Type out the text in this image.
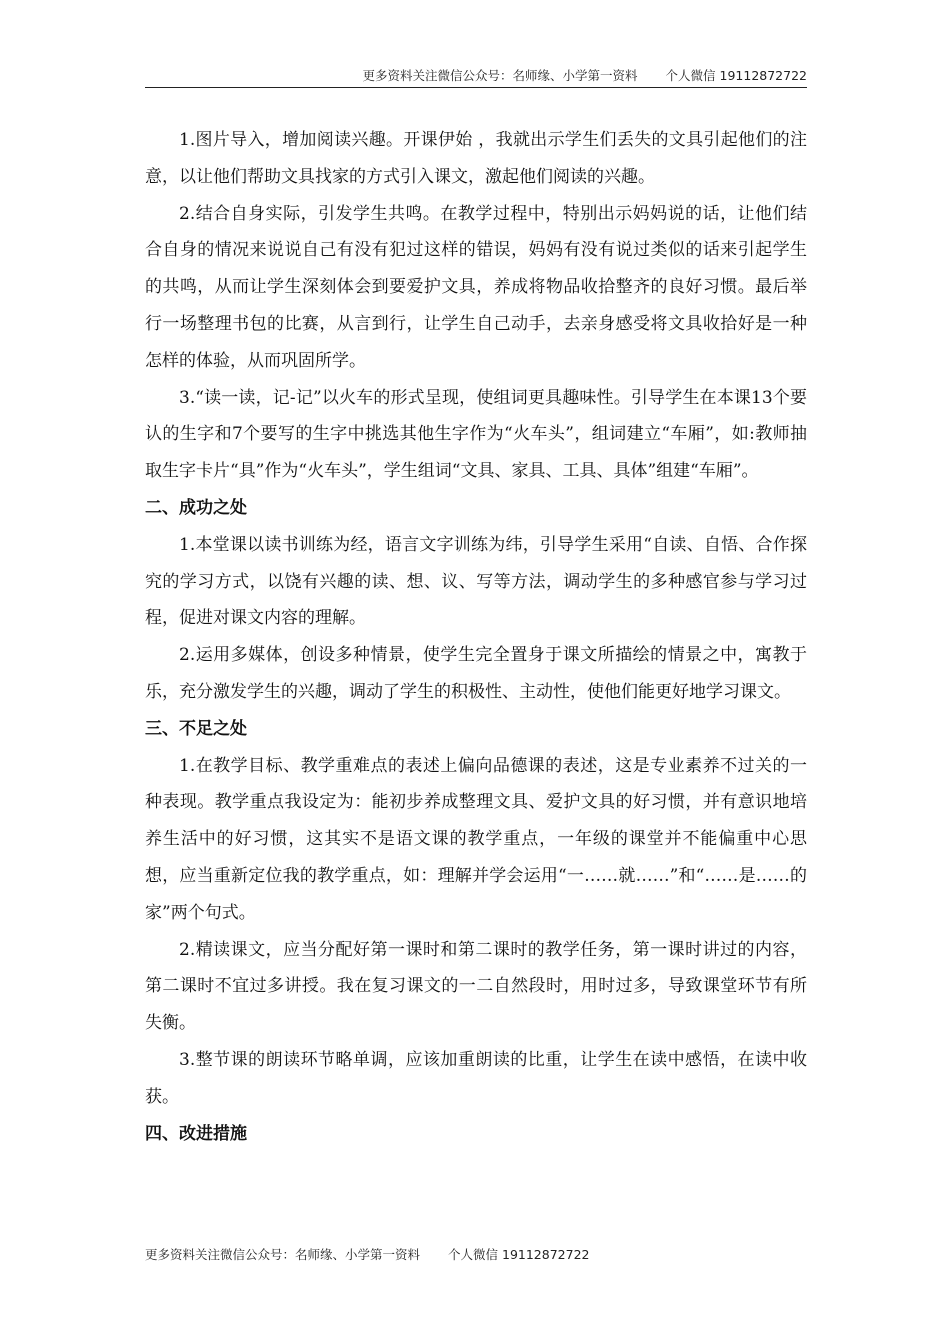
更多资料关注微信公众号：名师缘、小学第一资料 个人微信 19112872722

1.图片导入，增加阅读兴趣。开课伊始 ，我就出示学生们丢失的文具引起他们的注意，以让他们帮助文具找家的方式引入课文，激起他们阅读的兴趣。

2.结合自身实际，引发学生共鸣。在教学过程中，特别出示妈妈说的话，让他们结合自身的情况来说说自己有没有犯过这样的错误，妈妈有没有说过类似的话来引起学生的共鸣，从而让学生深刻体会到要爱护文具，养成将物品收拾整齐的良好习惯。最后举行一场整理书包的比赛，从言到行，让学生自己动手，去亲身感受将文具收拾好是一种怎样的体验，从而巩固所学。

3.“读一读，记-记”以火车的形式呈现，使组词更具趣味性。引导学生在本课13个要认的生字和7个要写的生字中挑选其他生字作为“火车头”，组词建立“车厢”，如:教师抽取生字卡片“具”作为“火车头”，学生组词“文具、家具、工具、具体”组建“车厢”。

二、成功之处

1.本堂课以读书训练为经，语言文字训练为纬，引导学生采用“自读、自悟、合作探究的学习方式，以饶有兴趣的读、想、议、写等方法，调动学生的多种感官参与学习过程，促进对课文内容的理解。

2.运用多媒体，创设多种情景，使学生完全置身于课文所描绘的情景之中，寓教于乐，充分激发学生的兴趣，调动了学生的积极性、主动性，使他们能更好地学习课文。

三、不足之处

1.在教学目标、教学重难点的表述上偏向品德课的表述，这是专业素养不过关的一种表现。教学重点我设定为：能初步养成整理文具、爱护文具的好习惯，并有意识地培养生活中的好习惯，这其实不是语文课的教学重点，一年级的课堂并不能偏重中心思想，应当重新定位我的教学重点，如：理解并学会运用“一……就……”和“……是……的家”两个句式。

2.精读课文，应当分配好第一课时和第二课时的教学任务，第一课时讲过的内容，第二课时不宜过多讲授。我在复习课文的一二自然段时，用时过多，导致课堂环节有所失衡。

3.整节课的朗读环节略单调，应该加重朗读的比重，让学生在读中感悟，在读中收获。

四、改进措施

更多资料关注微信公众号：名师缘、小学第一资料 个人微信 19112872722
